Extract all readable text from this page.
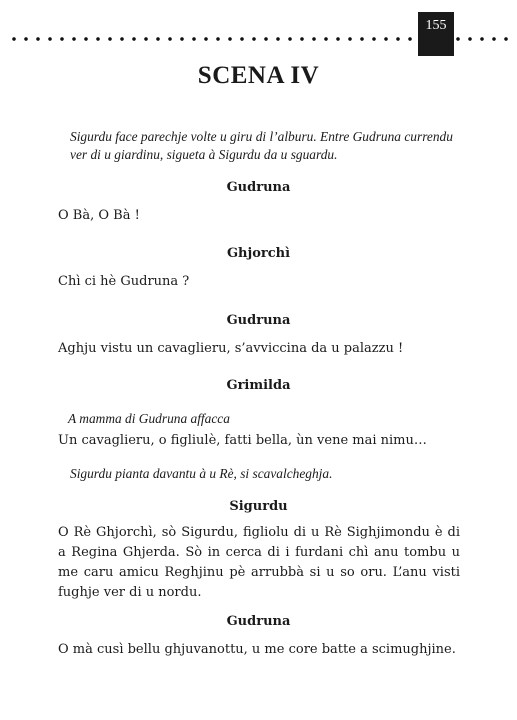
155
SCENA IV
Sigurdu face parechje volte u giru di l’alburu. Entre Gudruna currendu ver di u giardinu, sigueta à Sigurdu da u sguardu.
Gudruna
O Bà, O Bà !
Ghjorchì
Chì ci hè Gudruna ?
Gudruna
Aghju vistu un cavaglieru, s’avviccina da u palazzu !
Grimilda
A mamma di Gudruna affacca
Un cavaglieru, o figliulè, fatti bella, ùn vene mai nimu…
Sigurdu pianta davantu à u Rè, si scavalcheghja.
Sigurdu
O Rè Ghjorchì, sò Sigurdu, figliolu di u Rè Sighjimondu è di a Regina Ghjerda. Sò in cerca di i furdani chì anu tombu u me caru amicu Reghjinu pè arrubbà si u so oru. L’anu visti fughje ver di u nordu.
Gudruna
O mà cusì bellu ghjuvanottu, u me core batte a scimughjine.
